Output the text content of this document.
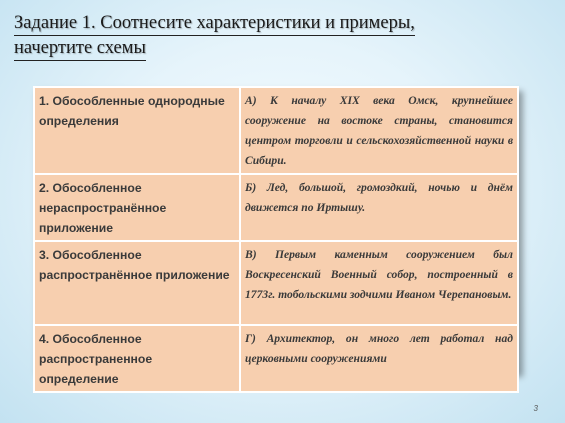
Задание 1. Соотнесите характеристики и примеры,
начертите схемы
1. Обособленные однородные определения	А) К началу XIX века Омск, крупнейшее сооружение на востоке страны, становится центром торговли и сельскохозяйственной науки в Сибири.
2. Обособленное нераспространённое приложение	Б) Лед, большой, громоздкий, ночью и днём движется по Иртышу.
3. Обособленное распространённое приложение	В) Первым каменным сооружением был Воскресенский Военный собор, построенный в 1773г. тобольскими зодчими Иваном Черепановым.
4. Обособленное распространенное определение	Г) Архитектор, он много лет работал над церковными сооружениями
3
